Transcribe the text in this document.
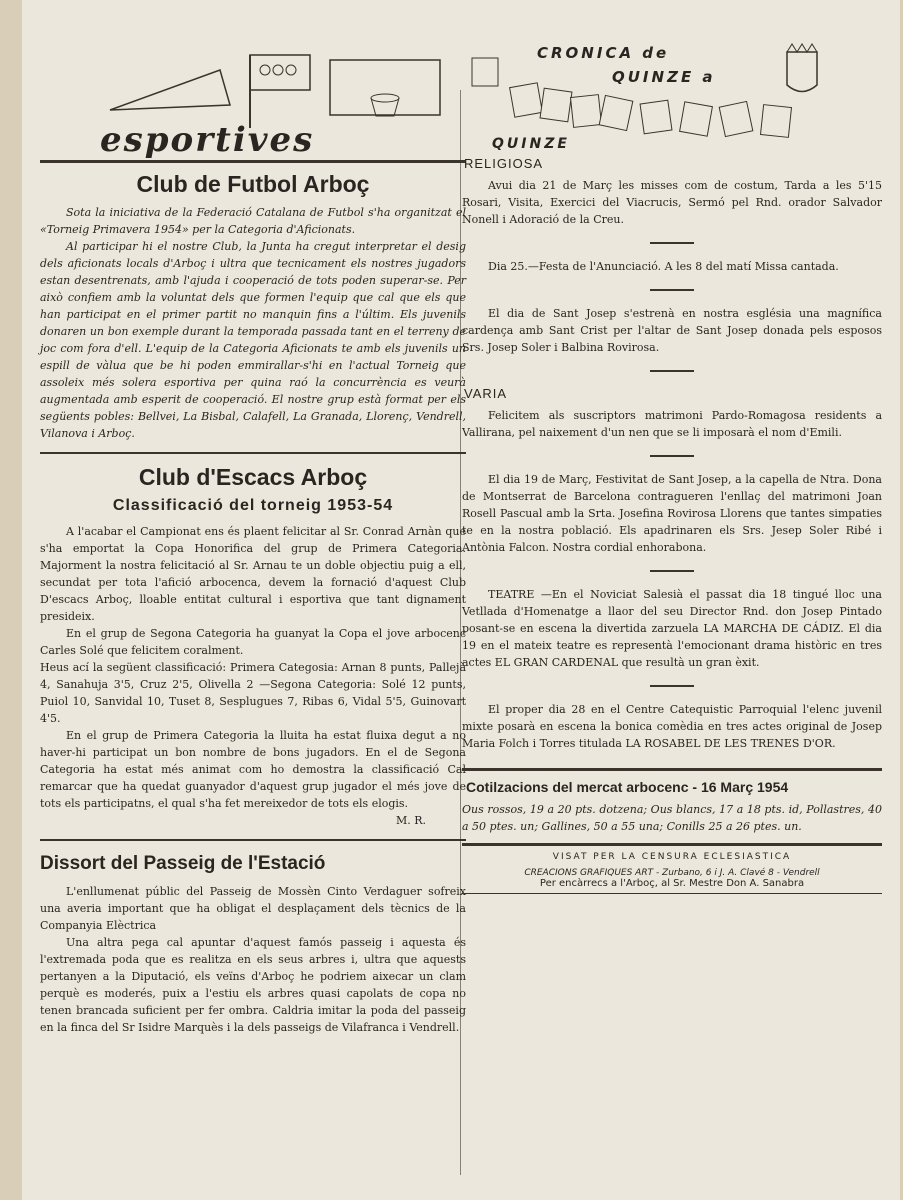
esportives
Club de Futbol Arboç

Sota la iniciativa de la Federació Catalana de Futbol s'ha organitzat el «Torneig Primavera 1954» per la Categoria d'Aficionats.

Al participar hi el nostre Club, la Junta ha cregut interpretar el desig dels aficionats locals d'Arboç i ultra que tecnicament els nostres jugadors estan desentrenats, amb l'ajuda i cooperació de tots poden superar-se. Per això confiem amb la voluntat dels que formen l'equip que cal que els que han participat en el primer partit no manquin fins a l'últim. Els juvenils donaren un bon exemple durant la temporada passada tant en el terreny de joc com fora d'ell. L'equip de la Categoria Aficionats te amb els juvenils un espill de vàlua que be hi poden emmirallar-s'hi en l'actual Torneig que assoleix més solera esportiva per quina raó la concurrència es veurà augmentada amb esperit de cooperació. El nostre grup està format per els següents pobles: Bellvei, La Bisbal, Calafell, La Granada, Llorenç, Vendrell, Vilanova i Arboç.

Club d'Escacs Arboç
Classificació del torneig 1953-54

A l'acabar el Campionat ens és plaent felicitar al Sr. Conrad Arnàn que s'ha emportat la Copa Honorifica del grup de Primera Categoria. Majorment la nostra felicitació al Sr. Arnau te un doble objectiu puig a ell, secundat per tota l'afició arbocenca, devem la fornació d'aquest Club D'escacs Arboç, lloable entitat cultural i esportiva que tant dignament presideix.

En el grup de Segona Categoria ha guanyat la Copa el jove arbocenc Carles Solé que felicitem coralment.

Heus ací la següent classificació: Primera Categosia: Arnan 8 punts, Pallejà 4, Sanahuja 3'5, Cruz 2'5, Olivella 2 —Segona Categoria: Solé 12 punts, Puiol 10, Sanvidal 10, Tuset 8, Sesplugues 7, Ribas 6, Vidal 5'5, Guinovart 4'5.

En el grup de Primera Categoria la lluita ha estat fluixa degut a no haver-hi participat un bon nombre de bons jugadors. En el de Segona Categoria ha estat més animat com ho demostra la classificació Cal remarcar que ha quedat guanyador d'aquest grup jugador el més jove de tots els participatns, el qual s'ha fet mereixedor de tots els elogis.

M. R.

Dissort del Passeig de l'Estació

L'enllumenat públic del Passeig de Mossèn Cinto Verdaguer sofreix una averia important que ha obligat el desplaçament dels tècnics de la Companyia Elèctrica

Una altra pega cal apuntar d'aquest famós passeig i aquesta és l'extremada poda que es realitza en els seus arbres i, ultra que aquests pertanyen a la Diputació, els veïns d'Arboç he podriem aixecar un clam perquè es moderés, puix a l'estiu els arbres quasi capolats de copa no tenen brancada suficient per fer ombra. Caldria imitar la poda del passeig en la finca del Sr Isidre Marquès i la dels passeigs de Vilafranca i Vendrell.

CRONICA de
QUINZE a
QUINZE
RELIGIOSA

Avui dia 21 de Març les misses com de costum, Tarda a les 5'15 Rosari, Visita, Exercici del Viacrucis, Sermó pel Rnd. orador Salvador Nonell i Adoració de la Creu.

Dia 25.—Festa de l'Anunciació. A les 8 del matí Missa cantada.

El dia de Sant Josep s'estrenà en nostra església una magnífica cardença amb Sant Crist per l'altar de Sant Josep donada pels esposos Srs. Josep Soler i Balbina Rovirosa.

VARIA

Felicitem als suscriptors matrimoni Pardo-Romagosa residents a Vallirana, pel naixement d'un nen que se li imposarà el nom d'Emili.

El dia 19 de Març, Festivitat de Sant Josep, a la capella de Ntra. Dona de Montserrat de Barcelona contragueren l'enllaç del matrimoni Joan Rosell Pascual amb la Srta. Josefina Rovirosa Llorens que tantes simpaties te en la nostra població. Els apadrinaren els Srs. Jesep Soler Ribé i Antònia Falcon. Nostra cordial enhorabona.

TEATRE —En el Noviciat Salesià el passat dia 18 tingué lloc una Vetllada d'Homenatge a llaor del seu Director Rnd. don Josep Pintado posant-se en escena la divertida zarzuela LA MARCHA DE CÁDIZ. El dia 19 en el mateix teatre es representà l'emocionant drama històric en tres actes EL GRAN CARDENAL que resultà un gran èxit.

El proper dia 28 en el Centre Catequistic Parroquial l'elenc juvenil mixte posarà en escena la bonica comèdia en tres actes original de Josep Maria Folch i Torres titulada LA ROSABEL DE LES TRENES D'OR.

Cotilzacions del mercat arbocenc - 16 Març 1954

Ous rossos, 19 a 20 pts. dotzena; Ous blancs, 17 a 18 pts. id, Pollastres, 40 a 50 ptes. un; Gallines, 50 a 55 una; Conills 25 a 26 ptes. un.

VISAT PER LA CENSURA ECLESIASTICA
CREACIONS GRAFIQUES ART - Zurbano, 6 i J. A. Clavé 8 - Vendrell
Per encàrrecs a l'Arboç, al Sr. Mestre Don A. Sanabra
